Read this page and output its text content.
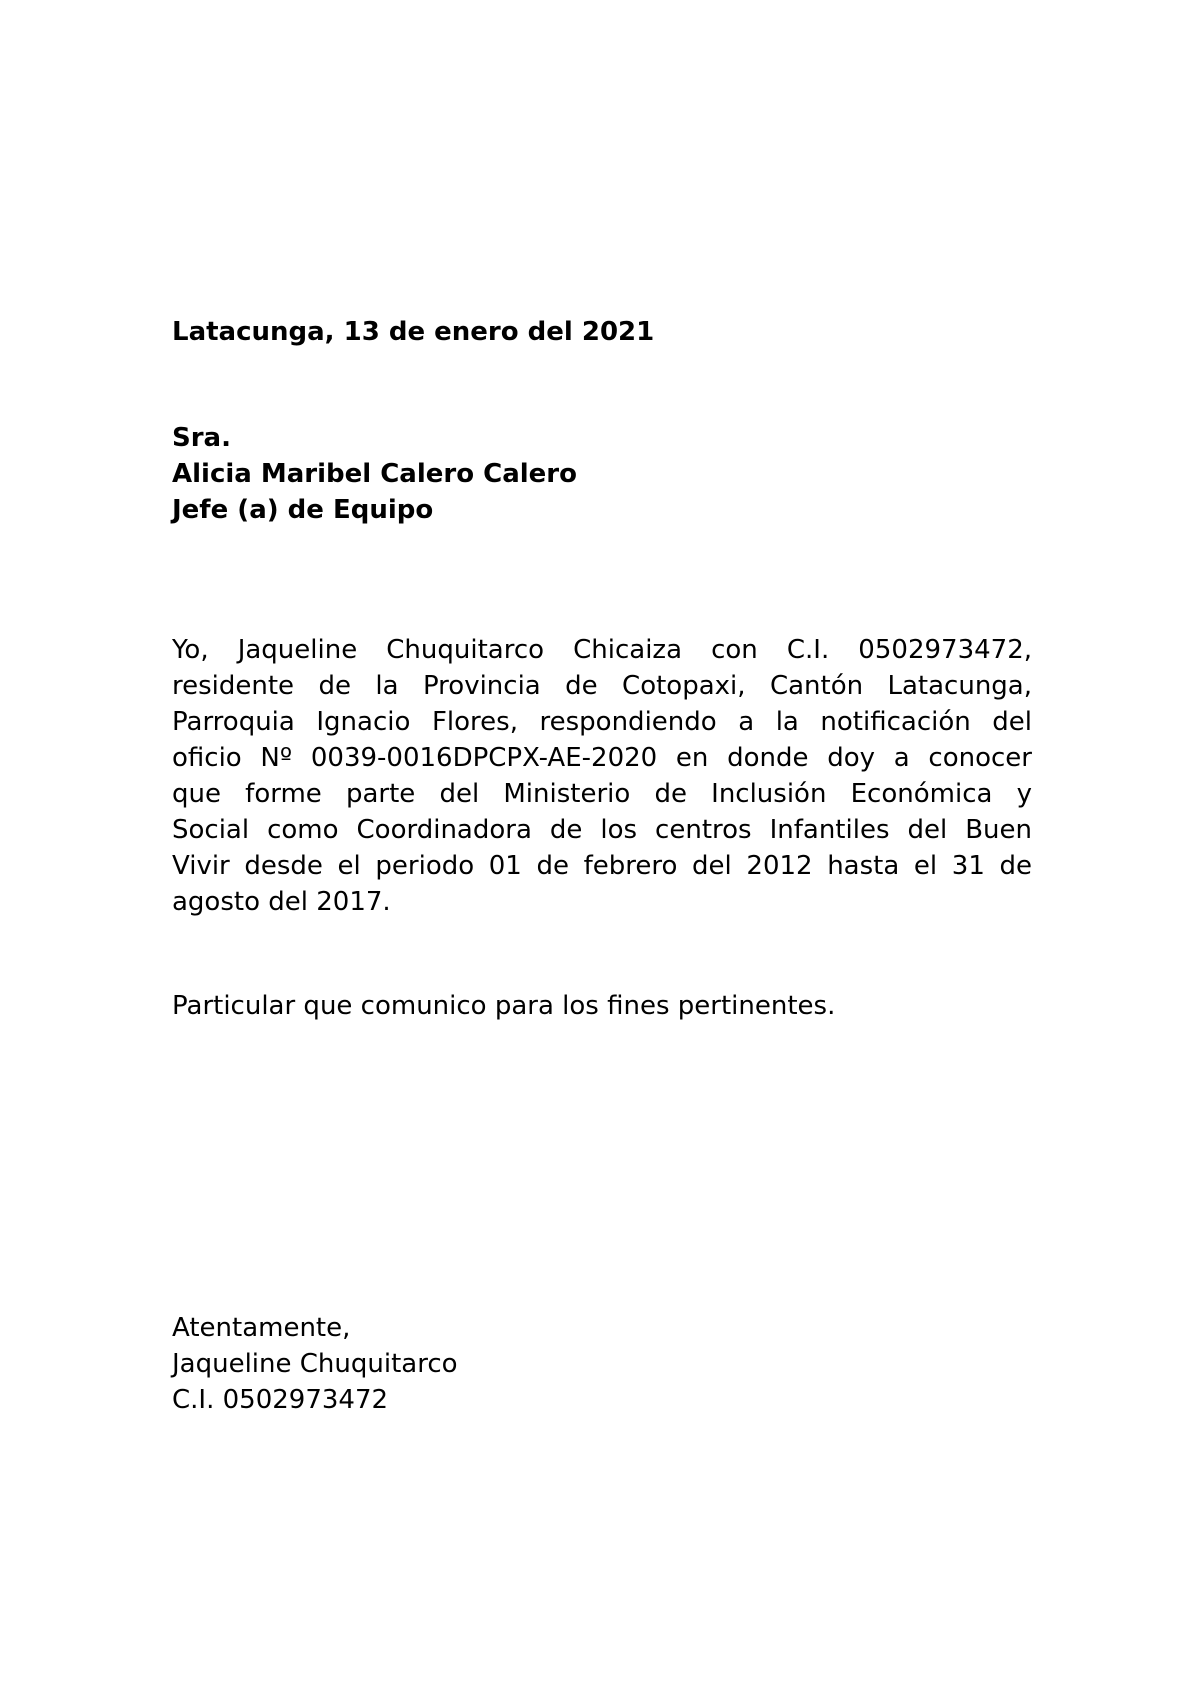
Latacunga, 13 de enero del 2021

Sra.

Alicia Maribel Calero Calero

Jefe (a) de Equipo

Yo, Jaqueline Chuquitarco Chicaiza con C.I. 0502973472,
residente de la Provincia de Cotopaxi, Cantón Latacunga,
Parroquia Ignacio Flores, respondiendo a la notificación del
oficio Nº 0039-0016DPCPX-AE-2020 en donde doy a conocer
que forme parte del Ministerio de Inclusión Económica y
Social como Coordinadora de los centros Infantiles del Buen
Vivir desde el periodo 01 de febrero del 2012 hasta el 31 de
agosto del 2017.

Particular que comunico para los fines pertinentes.

Atentamente,

Jaqueline Chuquitarco

C.I. 0502973472
